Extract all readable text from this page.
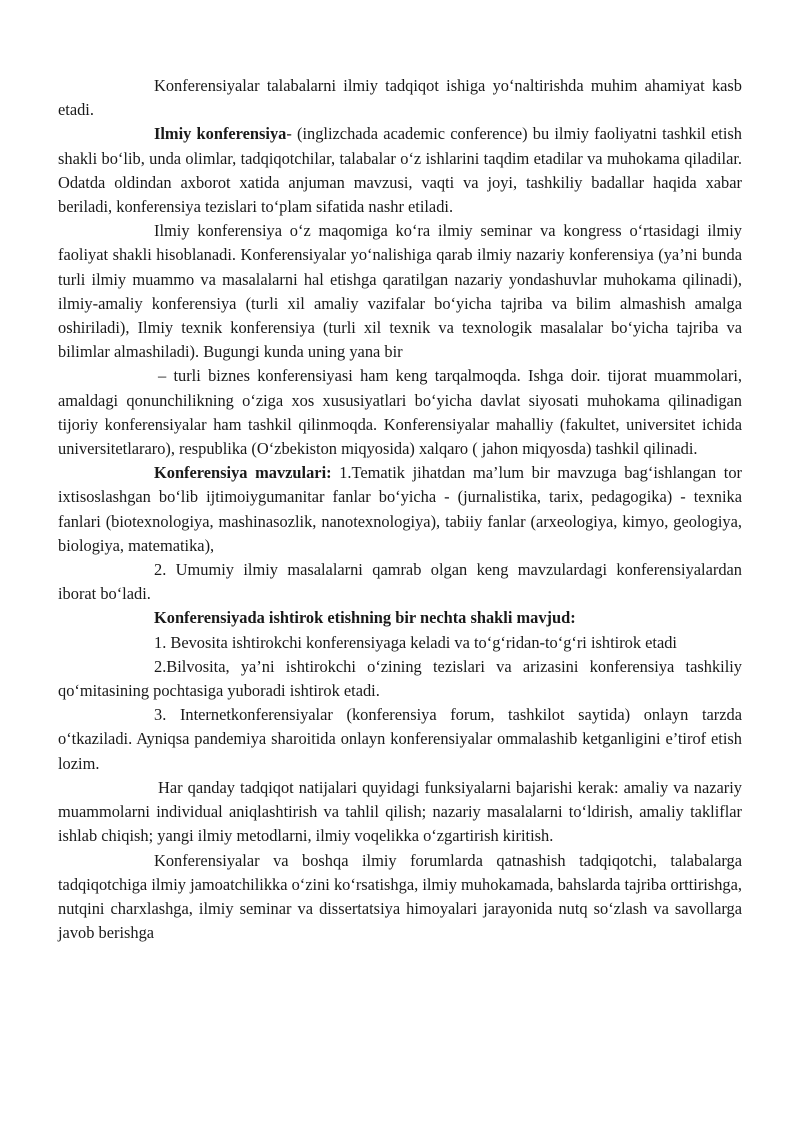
Konferensiyalar talabalarni ilmiy tadqiqot ishiga yo‘naltirishda muhim ahamiyat kasb etadi.

Ilmiy konferensiya- (inglizchada academic conference) bu ilmiy faoliyatni tashkil etish shakli bo‘lib, unda olimlar, tadqiqotchilar, talabalar o‘z ishlarini taqdim etadilar va muhokama qiladilar. Odatda oldindan axborot xatida anjuman mavzusi, vaqti va joyi, tashkiliy badallar haqida xabar beriladi, konferensiya tezislari to‘plam sifatida nashr etiladi.

Ilmiy konferensiya o‘z maqomiga ko‘ra ilmiy seminar va kongress o‘rtasidagi ilmiy faoliyat shakli hisoblanadi. Konferensiyalar yo‘nalishiga qarab ilmiy nazariy konferensiya (ya’ni bunda turli ilmiy muammo va masalalarni hal etishga qaratilgan nazariy yondashuvlar muhokama qilinadi), ilmiy-amaliy konferensiya (turli xil amaliy vazifalar bo‘yicha tajriba va bilim almashish amalga oshiriladi), Ilmiy texnik konferensiya (turli xil texnik va texnologik masalalar bo‘yicha tajriba va bilimlar almashiladi). Bugungi kunda uning yana bir

– turli biznes konferensiyasi ham keng tarqalmoqda. Ishga doir. tijorat muammolari, amaldagi qonunchilikning o‘ziga xos xususiyatlari bo‘yicha davlat siyosati muhokama qilinadigan tijoriy konferensiyalar ham tashkil qilinmoqda. Konferensiyalar mahalliy (fakultet, universitet ichida universitetlararo), respublika (O‘zbekiston miqyosida) xalqaro ( jahon miqyosda) tashkil qilinadi.

Konferensiya mavzulari: 1.Tematik jihatdan ma’lum bir mavzuga bag‘ishlangan tor ixtisoslashgan bo‘lib ijtimoiygumanitar fanlar bo‘yicha - (jurnalistika, tarix, pedagogika) - texnika fanlari (biotexnologiya, mashinasozlik, nanotexnologiya), tabiiy fanlar (arxeologiya, kimyo, geologiya, biologiya, matematika),

2. Umumiy ilmiy masalalarni qamrab olgan keng mavzulardagi konferensiyalardan iborat bo‘ladi.

Konferensiyada ishtirok etishning bir nechta shakli mavjud:

1. Bevosita ishtirokchi konferensiyaga keladi va to‘g‘ridan-to‘g‘ri ishtirok etadi

2.Bilvosita, ya’ni ishtirokchi o‘zining tezislari va arizasini konferensiya tashkiliy qo‘mitasining pochtasiga yuboradi ishtirok etadi.

3. Internetkonferensiyalar (konferensiya forum, tashkilot saytida) onlayn tarzda o‘tkaziladi. Ayniqsa pandemiya sharoitida onlayn konferensiyalar ommalashib ketganligini e’tirof etish lozim.

Har qanday tadqiqot natijalari quyidagi funksiyalarni bajarishi kerak: amaliy va nazariy muammolarni individual aniqlashtirish va tahlil qilish; nazariy masalalarni to‘ldirish, amaliy takliflar ishlab chiqish; yangi ilmiy metodlarni, ilmiy voqelikka o‘zgartirish kiritish.

Konferensiyalar va boshqa ilmiy forumlarda qatnashish tadqiqotchi, talabalarga tadqiqotchiga ilmiy jamoatchilikka o‘zini ko‘rsatishga, ilmiy muhokamada, bahslarda tajriba orttirishga, nutqini charxlashga, ilmiy seminar va dissertatsiya himoyalari jarayonida nutq so‘zlash va savollarga javob berishga
